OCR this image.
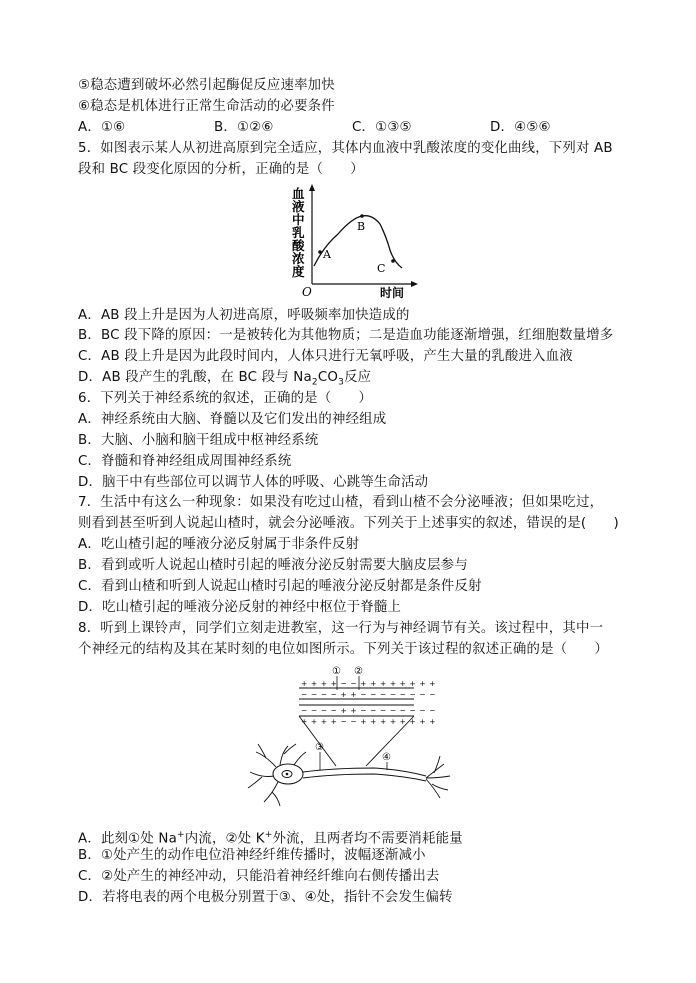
⑤稳态遭到破坏必然引起酶促反应速率加快
⑥稳态是机体进行正常生命活动的必要条件
A．①⑥	B．①②⑥	C．①③⑤	D．④⑤⑥
5．如图表示某人从初进高原到完全适应，其体内血液中乳酸浓度的变化曲线，下列对 AB
段和 BC 段变化原因的分析，正确的是（　　）
血
液
中
乳
酸
浓
度
O	时间
A
B
C
A．AB 段上升是因为人初进高原，呼吸频率加快造成的
B．BC 段下降的原因：一是被转化为其他物质；二是造血功能逐渐增强，红细胞数量增多
C．AB 段上升是因为此段时间内，人体只进行无氧呼吸，产生大量的乳酸进入血液
D．AB 段产生的乳酸，在 BC 段与 $Na_2CO_3$反应
6．下列关于神经系统的叙述，正确的是（　　）
A．神经系统由大脑、脊髓以及它们发出的神经组成
B．大脑、小脑和脑干组成中枢神经系统
C．脊髓和脊神经组成周围神经系统
D．脑干中有些部位可以调节人体的呼吸、心跳等生命活动
7．生活中有这么一种现象：如果没有吃过山楂，看到山楂不会分泌唾液；但如果吃过，
则看到甚至听到人说起山楂时，就会分泌唾液。下列关于上述事实的叙述，错误的是(　　)
A．吃山楂引起的唾液分泌反射属于非条件反射
B．看到或听人说起山楂时引起的唾液分泌反射需要大脑皮层参与
C．看到山楂和听到人说起山楂时引起的唾液分泌反射都是条件反射
D．吃山楂引起的唾液分泌反射的神经中枢位于脊髓上
8．听到上课铃声，同学们立刻走进教室，这一行为与神经调节有关。该过程中，其中一
个神经元的结构及其在某时刻的电位如图所示。下列关于该过程的叙述正确的是（　　）
+ + + + − − + + + + + + + +
− − − − + + − − − − − − − −
− − − − + + − − − − − − − −
+ + + + − − + + + + + + + +
① ②
③
④
A．此刻①处 Na+内流，②处 K+外流，且两者均不需要消耗能量
B．①处产生的动作电位沿神经纤维传播时，波幅逐渐减小
C．②处产生的神经冲动，只能沿着神经纤维向右侧传播出去
D．若将电表的两个电极分别置于③、④处，指针不会发生偏转
